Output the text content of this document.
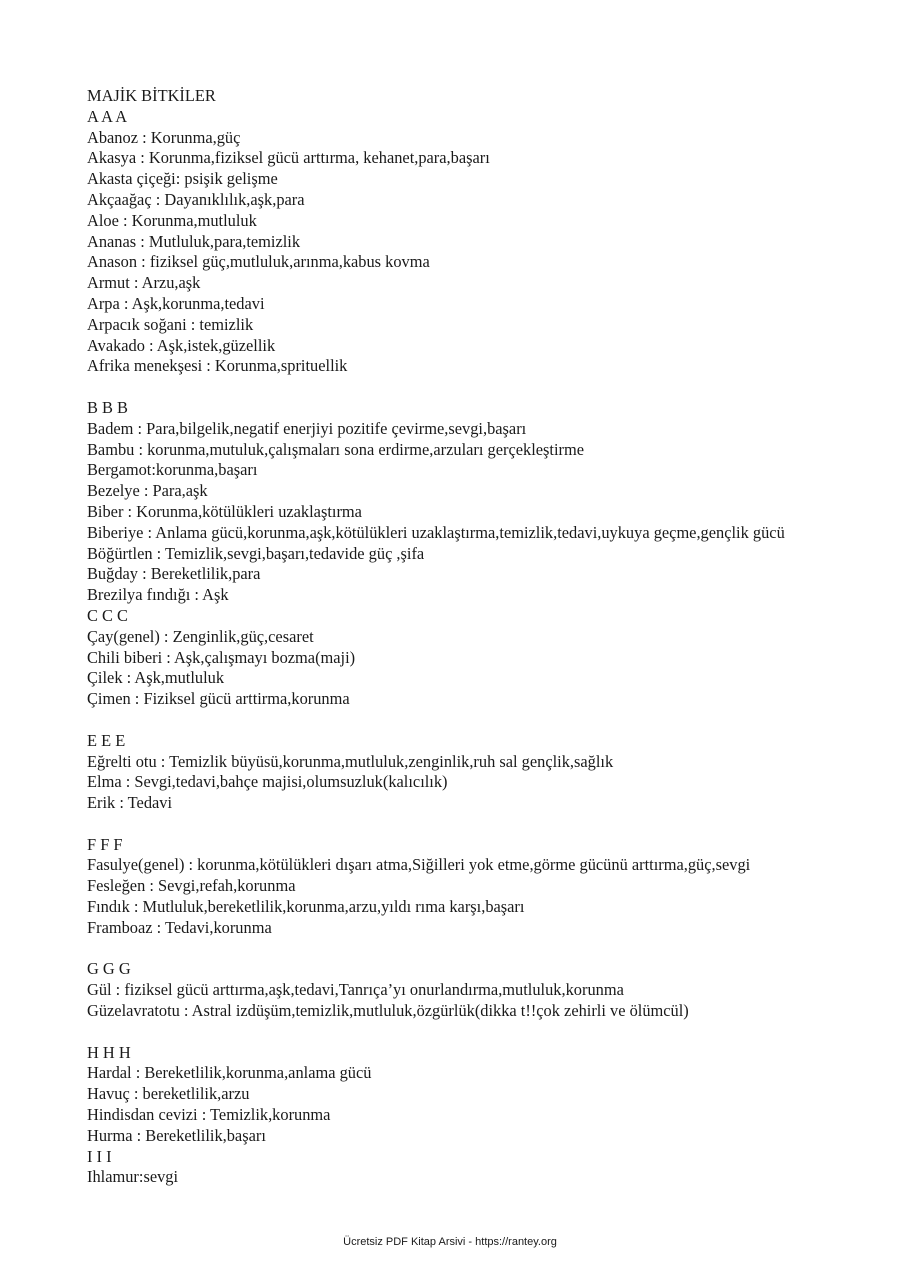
MAJİK BİTKİLER
A A A
Abanoz : Korunma,güç
Akasya : Korunma,fiziksel gücü arttırma, kehanet,para,başarı
Akasta çiçeği: psişik gelişme
Akçaağaç : Dayanıklılık,aşk,para
Aloe : Korunma,mutluluk
Ananas : Mutluluk,para,temizlik
Anason : fiziksel güç,mutluluk,arınma,kabus kovma
Armut : Arzu,aşk
Arpa : Aşk,korunma,tedavi
Arpacık soğani : temizlik
Avakado : Aşk,istek,güzellik
Afrika menekşesi : Korunma,sprituellik
B B B
Badem : Para,bilgelik,negatif enerjiyi pozitife çevirme,sevgi,başarı
Bambu : korunma,mutuluk,çalışmaları sona erdirme,arzuları gerçekleştirme
Bergamot:korunma,başarı
Bezelye : Para,aşk
Biber : Korunma,kötülükleri uzaklaştırma
Biberiye : Anlama gücü,korunma,aşk,kötülükleri uzaklaştırma,temizlik,tedavi,uykuya geçme,gençlik gücü
Böğürtlen : Temizlik,sevgi,başarı,tedavide güç ,şifa
Buğday : Bereketlilik,para
Brezilya fındığı : Aşk
C C C
Çay(genel) : Zenginlik,güç,cesaret
Chili biberi : Aşk,çalışmayı bozma(maji)
Çilek : Aşk,mutluluk
Çimen : Fiziksel gücü arttirma,korunma
E E E
Eğrelti otu : Temizlik büyüsü,korunma,mutluluk,zenginlik,ruh sal gençlik,sağlık
Elma : Sevgi,tedavi,bahçe majisi,olumsuzluk(kalıcılık)
Erik : Tedavi
F F F
Fasulye(genel) : korunma,kötülükleri dışarı atma,Siğilleri yok etme,görme gücünü arttırma,güç,sevgi
Fesleğen : Sevgi,refah,korunma
Fındık : Mutluluk,bereketlilik,korunma,arzu,yıldı rıma karşı,başarı
Framboaz : Tedavi,korunma
G G G
Gül : fiziksel gücü arttırma,aşk,tedavi,Tanrıça’yı onurlandırma,mutluluk,korunma
Güzelavratotu : Astral izdüşüm,temizlik,mutluluk,özgürlük(dikka t!!çok zehirli ve ölümcül)
H H H
Hardal : Bereketlilik,korunma,anlama gücü
Havuç : bereketlilik,arzu
Hindisdan cevizi : Temizlik,korunma
Hurma : Bereketlilik,başarı
I I I
Ihlamur:sevgi
Ücretsiz PDF Kitap Arsivi - https://rantey.org
